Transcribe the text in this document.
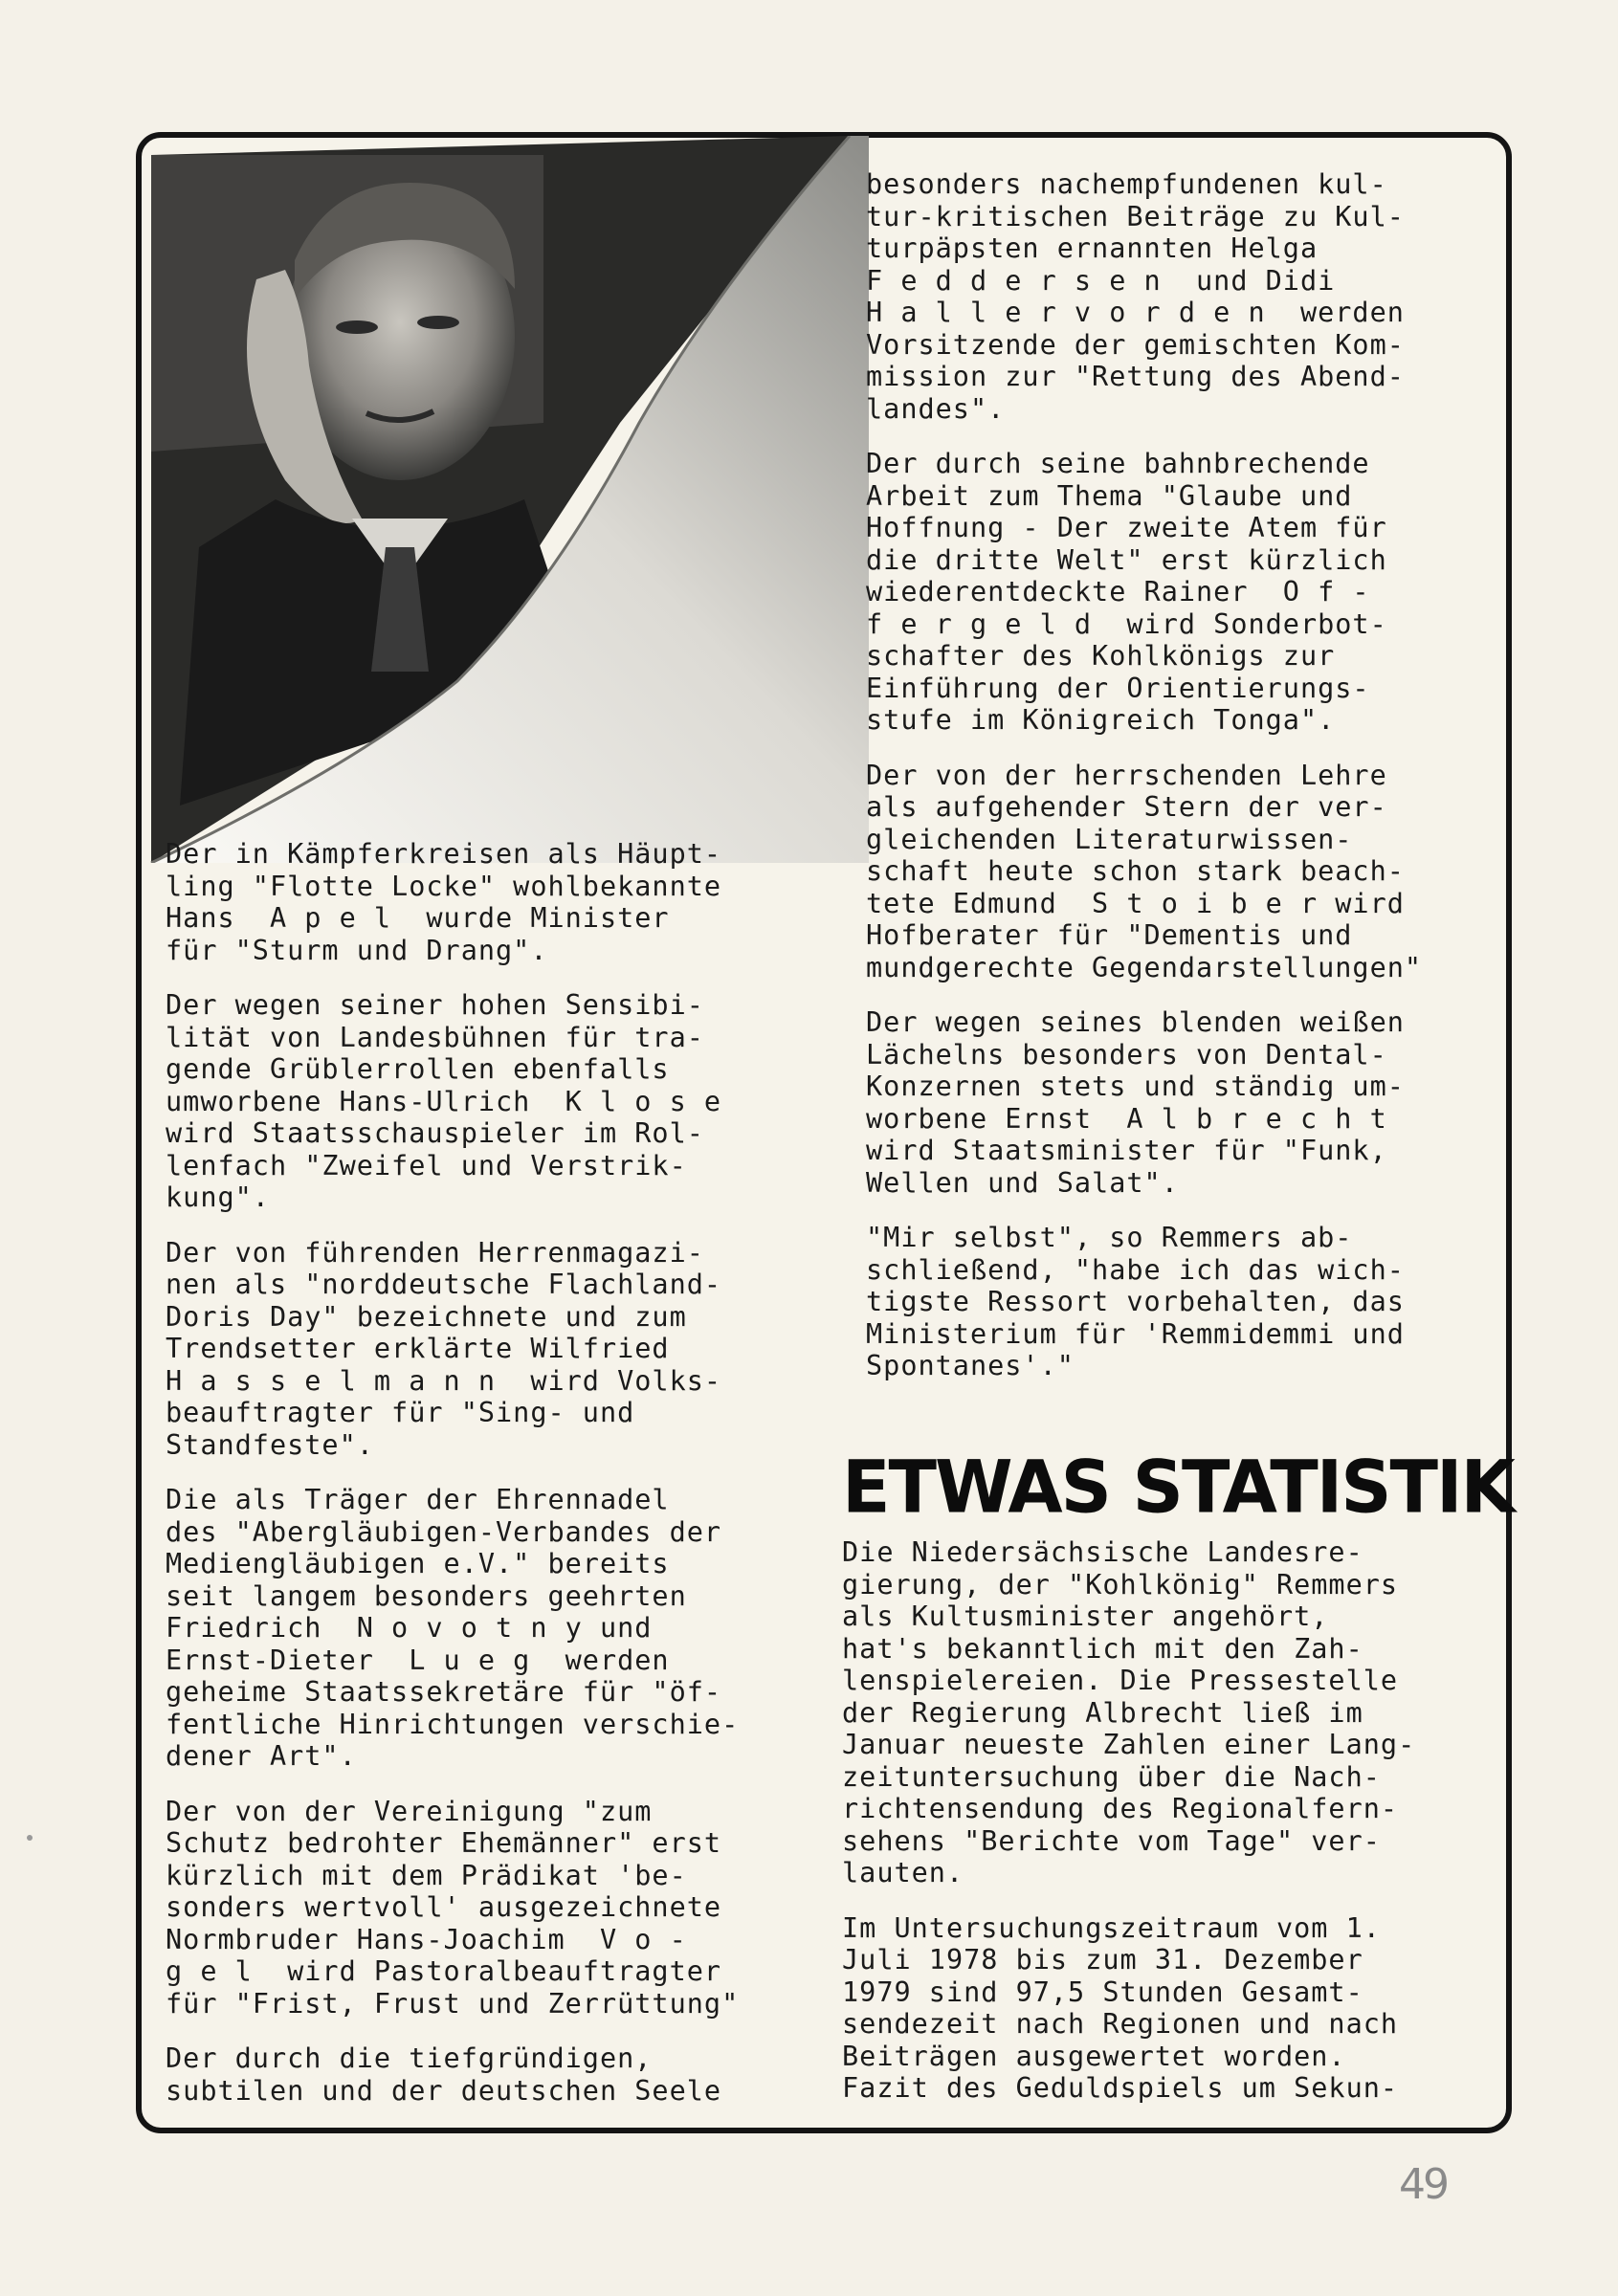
Der in Kämpferkreisen als Häupt-
ling "Flotte Locke" wohlbekannte
Hans  A p e l  wurde Minister
für "Sturm und Drang".

Der wegen seiner hohen Sensibi-
lität von Landesbühnen für tra-
gende Grüblerrollen ebenfalls
umworbene Hans-Ulrich  K l o s e
wird Staatsschauspieler im Rol-
lenfach "Zweifel und Verstrik-
kung".

Der von führenden Herrenmagazi-
nen als "norddeutsche Flachland-
Doris Day" bezeichnete und zum
Trendsetter erklärte Wilfried
H a s s e l m a n n  wird Volks-
beauftragter für "Sing- und
Standfeste".

Die als Träger der Ehrennadel
des "Abergläubigen-Verbandes der
Mediengläubigen e.V." bereits
seit langem besonders geehrten
Friedrich  N o v o t n y und
Ernst-Dieter  L u e g  werden
geheime Staatssekretäre für "öf-
fentliche Hinrichtungen verschie-
dener Art".

Der von der Vereinigung "zum
Schutz bedrohter Ehemänner" erst
kürzlich mit dem Prädikat 'be-
sonders wertvoll' ausgezeichnete
Normbruder Hans-Joachim  V o -
g e l  wird Pastoralbeauftragter
für "Frist, Frust und Zerrüttung"

Der durch die tiefgründigen,
subtilen und der deutschen Seele

besonders nachempfundenen kul-
tur-kritischen Beiträge zu Kul-
turpäpsten ernannten Helga
F e d d e r s e n  und Didi
H a l l e r v o r d e n  werden
Vorsitzende der gemischten Kom-
mission zur "Rettung des Abend-
landes".

Der durch seine bahnbrechende
Arbeit zum Thema "Glaube und
Hoffnung - Der zweite Atem für
die dritte Welt" erst kürzlich
wiederentdeckte Rainer  O f -
f e r g e l d  wird Sonderbot-
schafter des Kohlkönigs zur
Einführung der Orientierungs-
stufe im Königreich Tonga".

Der von der herrschenden Lehre
als aufgehender Stern der ver-
gleichenden Literaturwissen-
schaft heute schon stark beach-
tete Edmund  S t o i b e r wird
Hofberater für "Dementis und
mundgerechte Gegendarstellungen"

Der wegen seines blenden weißen
Lächelns besonders von Dental-
Konzernen stets und ständig um-
worbene Ernst  A l b r e c h t
wird Staatsminister für "Funk,
Wellen und Salat".

"Mir selbst", so Remmers ab-
schließend, "habe ich das wich-
tigste Ressort vorbehalten, das
Ministerium für 'Remmidemmi und
Spontanes'."

ETWAS STATISTIK

Die Niedersächsische Landesre-
gierung, der "Kohlkönig" Remmers
als Kultusminister angehört,
hat's bekanntlich mit den Zah-
lenspielereien. Die Pressestelle
der Regierung Albrecht ließ im
Januar neueste Zahlen einer Lang-
zeituntersuchung über die Nach-
richtensendung des Regionalfern-
sehens "Berichte vom Tage" ver-
lauten.

Im Untersuchungszeitraum vom 1.
Juli 1978 bis zum 31. Dezember
1979 sind 97,5 Stunden Gesamt-
sendezeit nach Regionen und nach
Beiträgen ausgewertet worden.
Fazit des Geduldspiels um Sekun-

49
